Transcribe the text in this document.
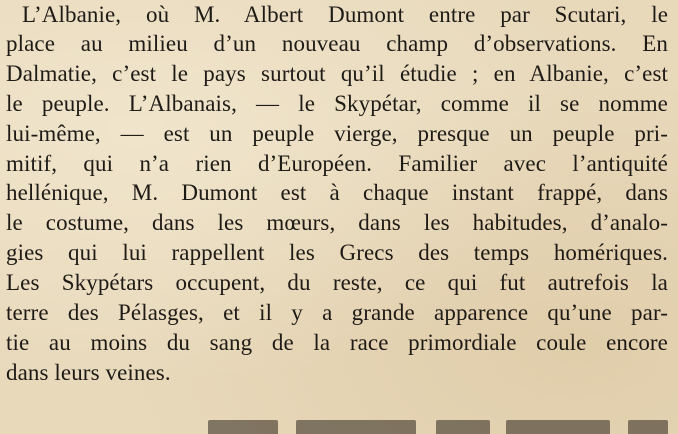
L’Albanie, où M. Albert Dumont entre par Scutari, le
place au milieu d’un nouveau champ d’observations. En
Dalmatie, c’est le pays surtout qu’il étudie ; en Albanie, c’est
le peuple. L’Albanais, — le Skypétar, comme il se nomme
lui-même, — est un peuple vierge, presque un peuple pri-
mitif, qui n’a rien d’Européen. Familier avec l’antiquité
hellénique, M. Dumont est à chaque instant frappé, dans
le costume, dans les mœurs, dans les habitudes, d’analo-
gies qui lui rappellent les Grecs des temps homériques.
Les Skypétars occupent, du reste, ce qui fut autrefois la
terre des Pélasges, et il y a grande apparence qu’une par-
tie au moins du sang de la race primordiale coule encore
dans leurs veines.
